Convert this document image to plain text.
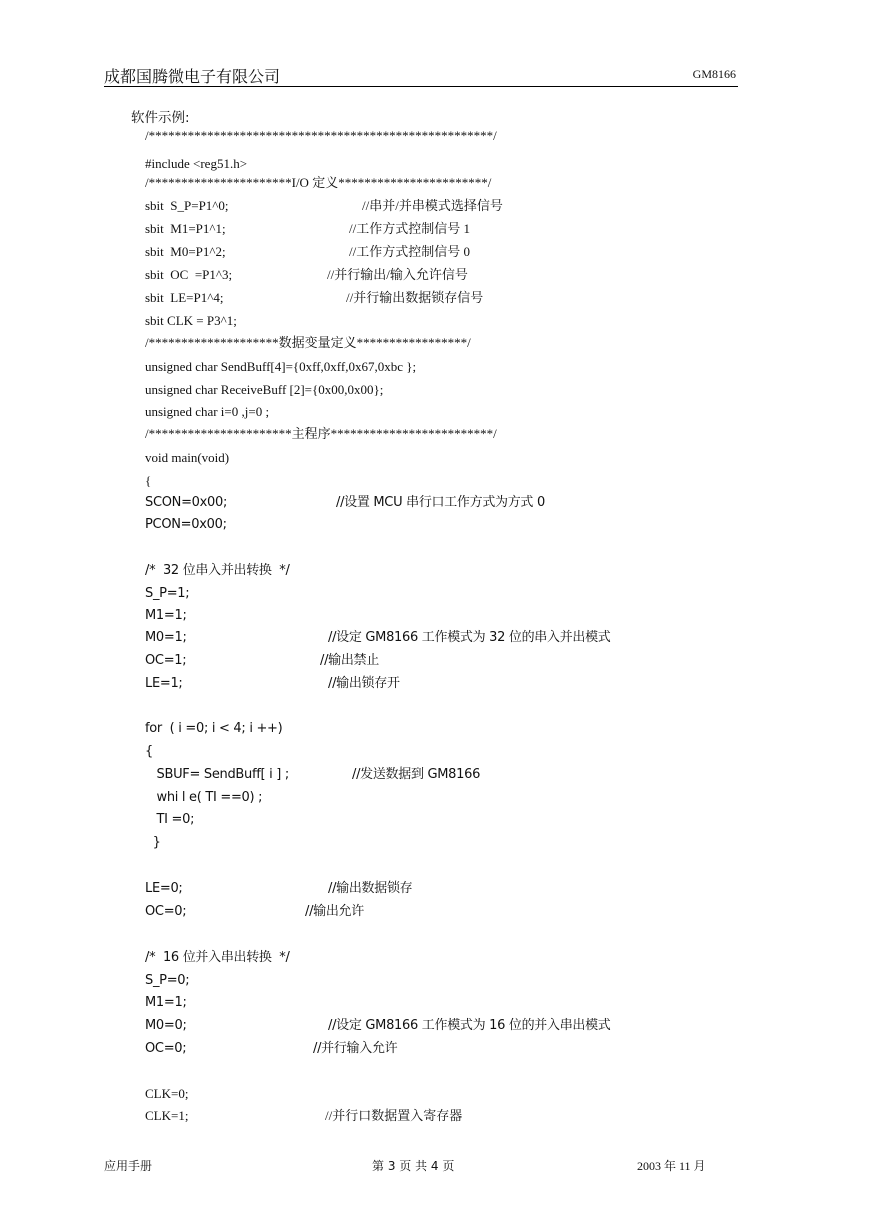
成都国腾微电子有限公司	GM8166
软件示例:
/*****************************************************/
#include <reg51.h>
/**********************I/O 定义***********************/
sbit  S_P=P1^0;	//串并/并串模式选择信号
sbit  M1=P1^1;	//工作方式控制信号 1
sbit  M0=P1^2;	//工作方式控制信号 0
sbit  OC  =P1^3;	//并行输出/输入允许信号
sbit  LE=P1^4;	//并行输出数据锁存信号
sbit CLK = P3^1;
/********************数据变量定义*****************/
unsigned char SendBuff[4]={0xff,0xff,0x67,0xbc };
unsigned char ReceiveBuff [2]={0x00,0x00};
unsigned char i=0 ,j=0 ;
/**********************主程序*************************/
void main(void)
{
SCON=0x00;	//设置 MCU 串行口工作方式为方式 0
PCON=0x00;
/*  32 位串入并出转换  */
S_P=1;
M1=1;
M0=1;	//设定 GM8166 工作模式为 32 位的串入并出模式
OC=1;	//输出禁止
LE=1;	//输出锁存开
for  ( i =0; i < 4; i ++)
{
SBUF= SendBuff[ i ] ;	//发送数据到 GM8166
whi l e( TI ==0) ;
TI =0;
}
LE=0;	//输出数据锁存
OC=0;	//输出允许
/*  16 位并入串出转换  */
S_P=0;
M1=1;
M0=0;	//设定 GM8166 工作模式为 16 位的并入串出模式
OC=0;	//并行输入允许
CLK=0;
CLK=1;	//并行口数据置入寄存器
应用手册	第 3 页 共 4 页	2003 年 11 月
